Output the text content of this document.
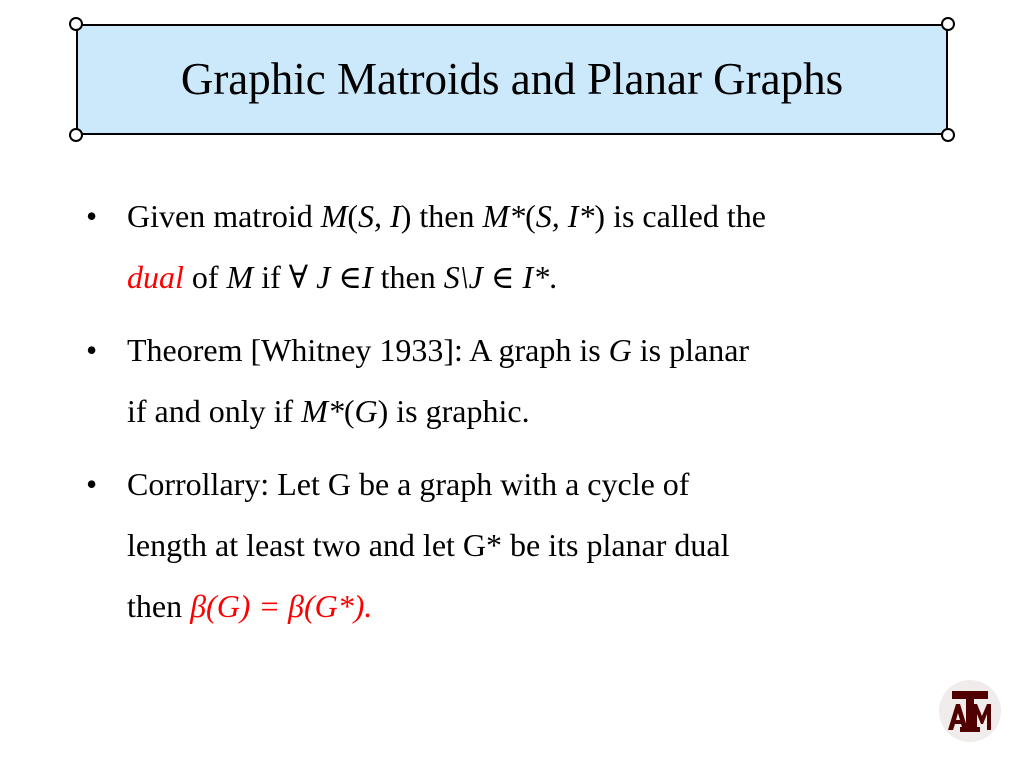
Graphic Matroids and Planar Graphs
• Given matroid M(S, I) then M*(S, I*) is called the
dual of M if ∀ J ∈I then S\J ∈ I*.
• Theorem [Whitney 1933]: A graph is G is planar
if and only if M*(G) is graphic.
• Corrollary: Let G be a graph with a cycle of
length at least two and let G* be its planar dual
then β(G) = β(G*).
